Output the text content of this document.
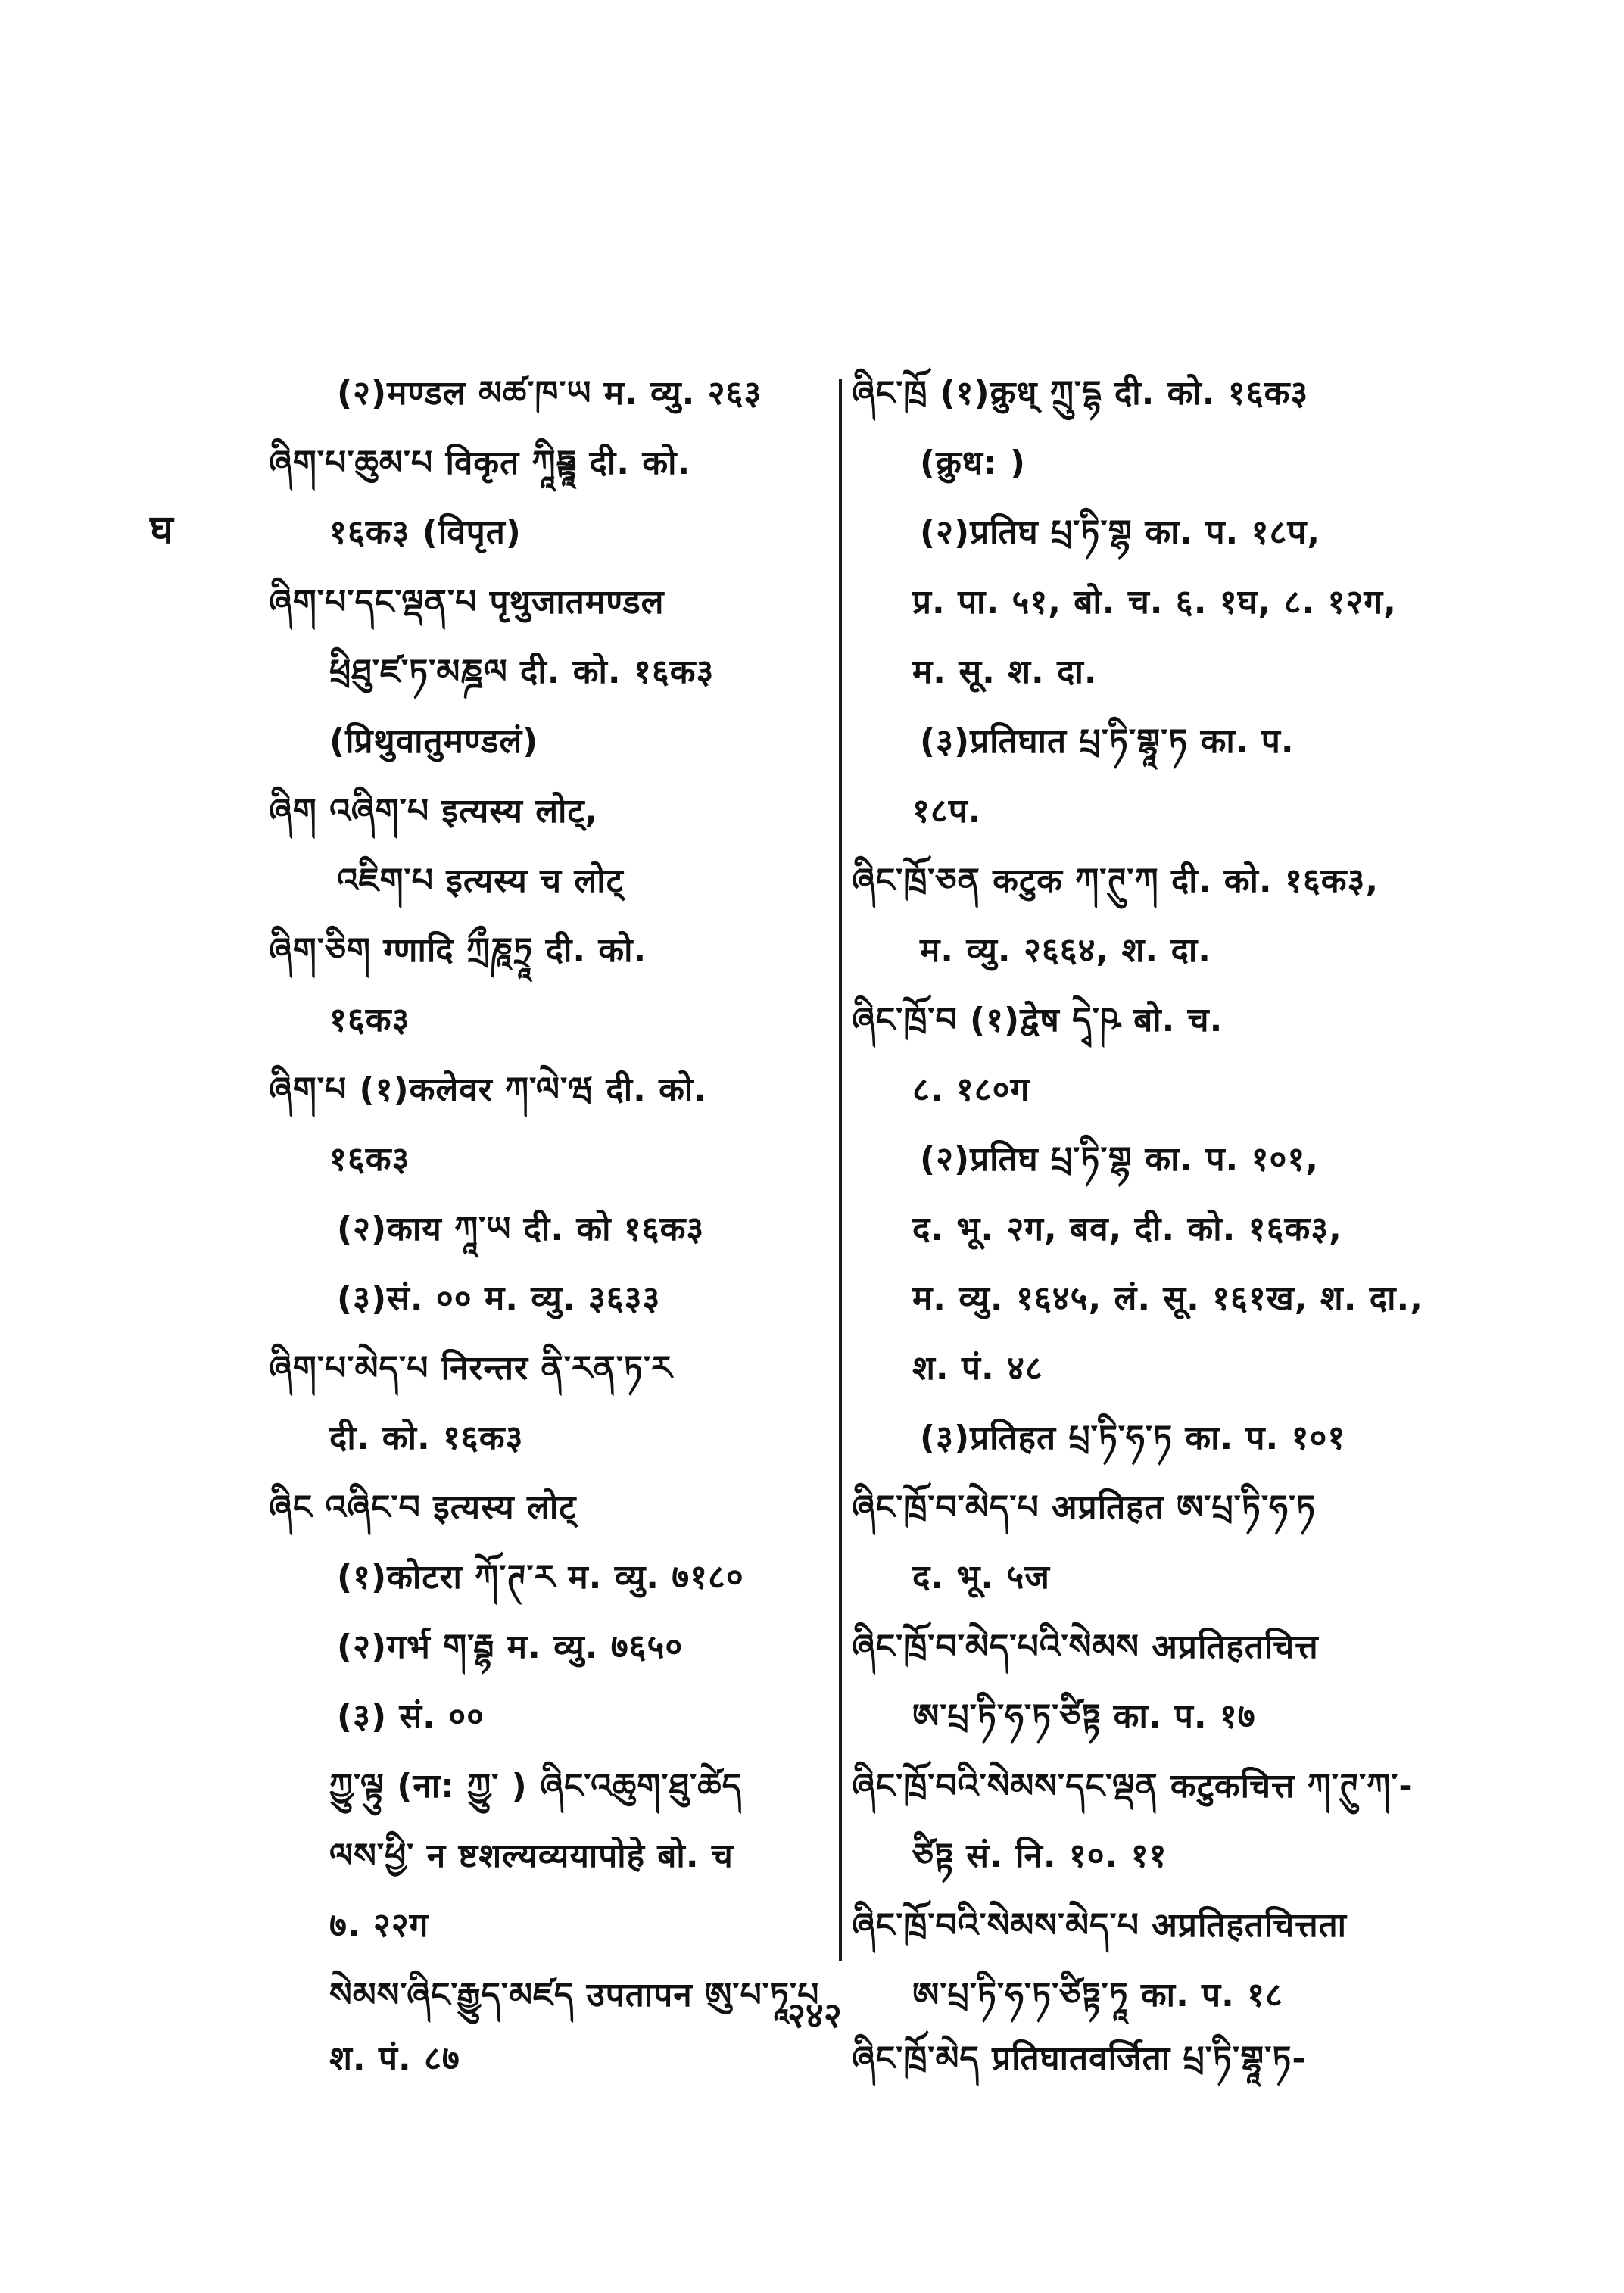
घ
(२)मण्डल མཚ་ཁ་ཡ म. व्यु. २६३
ཞིག་པ་ཆུམ་པ विकृत ཀཱིཏྲྟཱ दी. को.
१६क३ (विपृत)
ཞིག་པ་དང་ལྡན་པ पृथुजातमण्डल
ཕྲིཐུ་ཛ་ཏ་མཎྜལ दी. को. १६क३
(प्रिथुवातुमण्डलं)
ཞིག འཞིག་པ इत्यस्य लोट्,
འཇིག་པ इत्यस्य च लोट्
ཞིག་ཅིག ग्णादि ཀྲྀཎཱཏྲཱ दी. को.
१६क३
ཞིག་པ (१)कलेवर ཀ་ལེ་ཝ दी. को.
१६क३
(२)काय ཀཱ་ཡ दी. को १६क३
(३)सं. ०० म. व्यु. ३६३३
ཞིག་པ་མེད་པ निरन्तर ནི་རན་ཏ་ར
दी. को. १६क३
ཞིང འཞིང་བ इत्यस्य लोट्
(१)कोटरा ཀོ་ཊ་ར म. व्यु. ७१८०
(२)गर्भ ག་རྦྷ म. व्यु. ७६५०
(३) सं. ००
ཀྱུ་ལྟུ (ना: ཀྱུ་ ) ཞིང་འཆུག་ཐུ་ཚེད
ལས་ཕྱི་ न ष्टशल्यव्ययापोहे बो. च
७. २२ग
སེམས་ཞིང་རྒྱུད་མཛད उपतापन ཨུ་པ་ཏཱ་པ
श. पं. ८७
ཞིང་ཁྲོ (१)क्रुध् ཀྲུ་དྷ दी. को. १६क३
(क्रुध: )
(२)प्रतिघ པྲ་ཏི་གྷ का. प. १८प,
प्र. पा. ५१, बो. च. ६. १घ, ८. १२ग,
म. सू. श. दा.
(३)प्रतिघात པྲ་ཏི་གྷཱ་ཏ का. प.
१८प.
ཞིང་ཁྲོ་ཅན कटुक ཀ་ཊུ་ཀ दी. को. १६क३,
म. व्यु. २६६४, श. दा.
ཞིང་ཁྲོ་བ (१)द्वेष དྭེ་ཥ बो. च.
८. १८०ग
(२)प्रतिघ པྲ་ཏི་གྷ का. प. १०१,
द. भू. २ग, बव, दी. को. १६क३,
म. व्यु. १६४५, लं. सू. १६१ख, श. दा.,
श. पं. ४८
(३)प्रतिहत པྲ་ཏི་ཧ་ཏ का. प. १०१
ཞིང་ཁྲོ་བ་མེད་པ अप्रतिहत ཨ་པྲ་ཏི་ཧ་ཏ
द. भू. ५ज
ཞིང་ཁྲོ་བ་མེད་པའི་སེམས अप्रतिहतचित्त
ཨ་པྲ་ཏི་ཧ་ཏ་ཙིཏྟ का. प. १७
ཞིང་ཁྲོ་བའི་སེམས་དང་ལྡན कटुकचित्त ཀ་ཊུ་ཀ་-
ཙིཏྟ सं. नि. १०. ११
ཞིང་ཁྲོ་བའི་སེམས་མེད་པ अप्रतिहतचित्तता
ཨ་པྲ་ཏི་ཧ་ཏ་ཙིཏྟ་ཏཱ का. प. १८
ཞིང་ཁྲོ་མེད प्रतिघातवर्जिता པྲ་ཏི་གྷཱ་ཏ-
२४२
